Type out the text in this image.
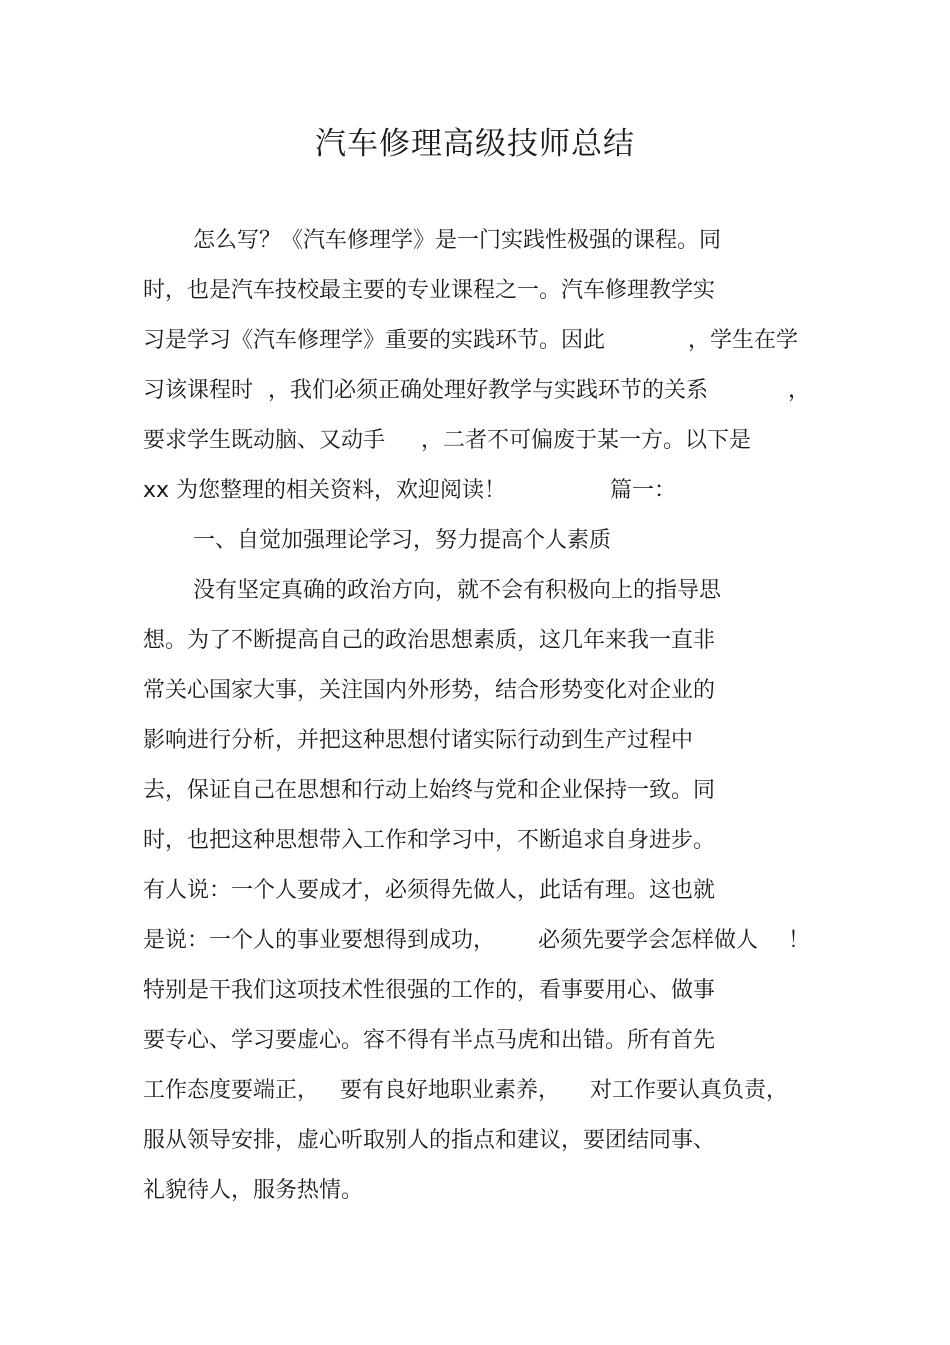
汽车修理高级技师总结
怎么写？《汽车修理学》是一门实践性极强的课程。同
时，也是汽车技校最主要的专业课程之一。汽车修理教学实
习是学习《汽车修理学》重要的实践环节。因此	，学生在学
习该课程时 ，我们必须正确处理好教学与实践环节的关系	，
要求学生既动脑、又动手 ，二者不可偏废于某一方。以下是
xx 为您整理的相关资料，欢迎阅读！	篇一：
一、自觉加强理论学习，努力提高个人素质
没有坚定真确的政治方向，就不会有积极向上的指导思
想。为了不断提高自己的政治思想素质，这几年来我一直非
常关心国家大事，关注国内外形势，结合形势变化对企业的
影响进行分析，并把这种思想付诸实际行动到生产过程中
去，保证自己在思想和行动上始终与党和企业保持一致。同
时，也把这种思想带入工作和学习中，不断追求自身进步。
有人说：一个人要成才，必须得先做人，此话有理。这也就
是说：一个人的事业要想得到成功， 必须先要学会怎样做人 ！
特别是干我们这项技术性很强的工作的，看事要用心、做事
要专心、学习要虚心。容不得有半点马虎和出错。所有首先
工作态度要端正， 要有良好地职业素养， 对工作要认真负责，
服从领导安排，虚心听取别人的指点和建议，要团结同事、
礼貌待人，服务热情。
